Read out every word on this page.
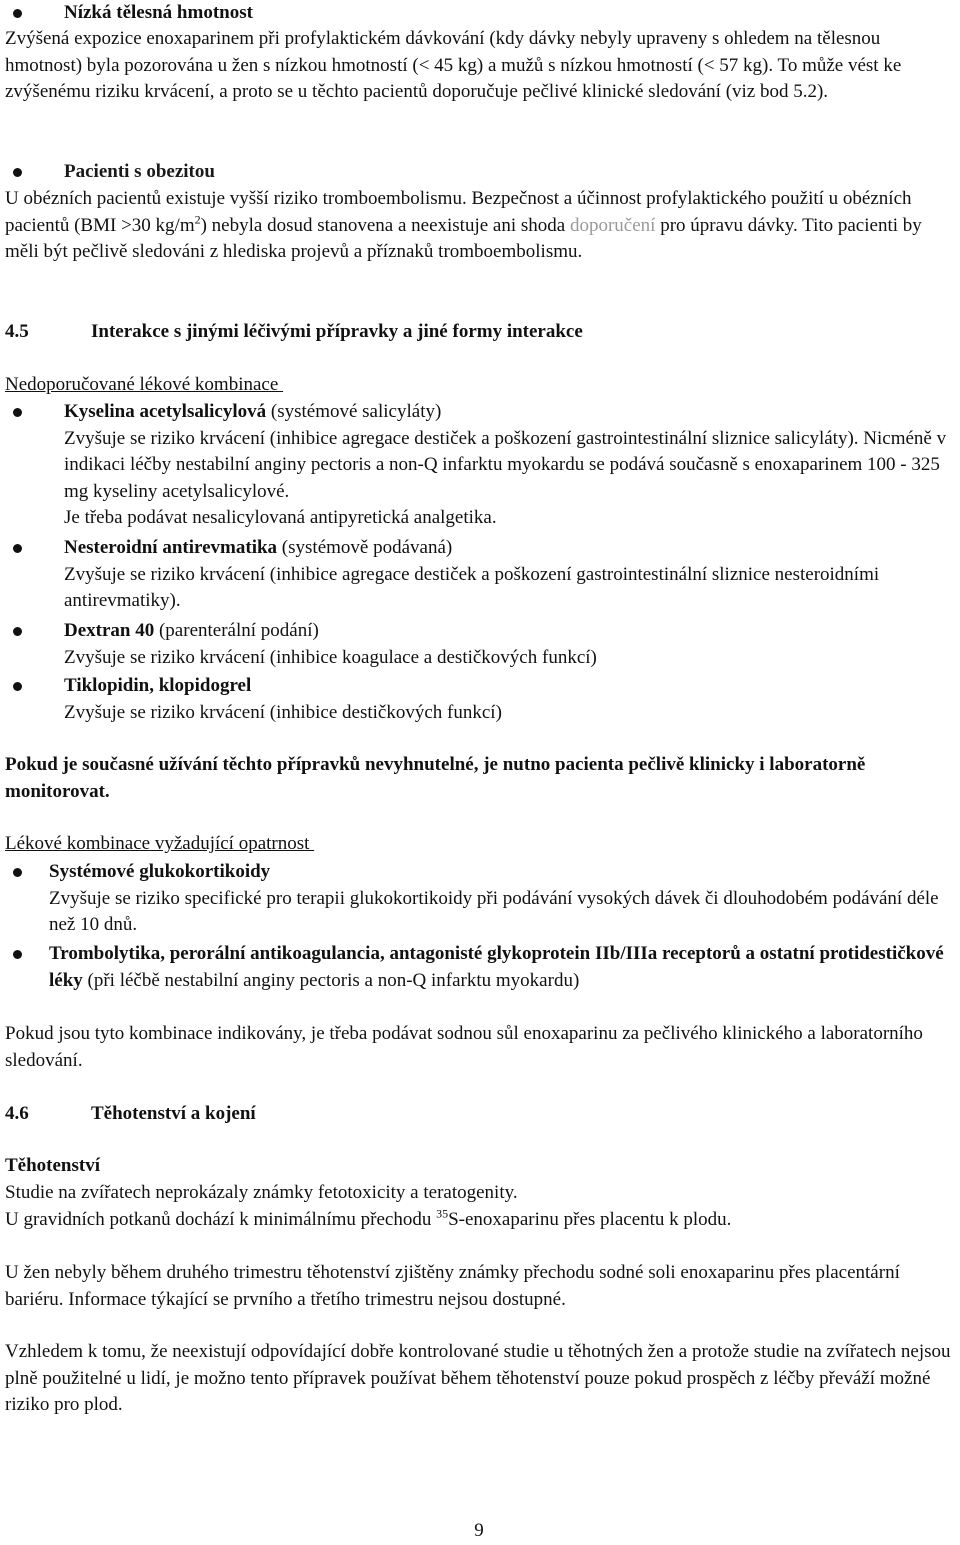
Nízká tělesná hmotnost

Zvýšená expozice enoxaparinem při profylaktickém dávkování (kdy dávky nebyly upraveny s ohledem na tělesnou hmotnost) byla pozorována u žen s nízkou hmotností (< 45 kg) a mužů s nízkou hmotností (< 57 kg). To může vést ke zvýšenému riziku krvácení, a proto se u těchto pacientů doporučuje pečlivé klinické sledování (viz bod 5.2).

Pacienti s obezitou

U obézních pacientů existuje vyšší riziko tromboembolismu. Bezpečnost a účinnost profylaktického použití u obézních pacientů (BMI >30 $kg/m^2$) nebyla dosud stanovena a neexistuje ani shoda doporučení pro úpravu dávky. Tito pacienti by měli být pečlivě sledováni z hlediska projevů a příznaků tromboembolismu.

4.5	Interakce s jinými léčivými přípravky a jiné formy interakce

Nedoporučované lékové kombinace

Kyselina acetylsalicylová (systémové salicyláty)

Zvyšuje se riziko krvácení (inhibice agregace destiček a poškození gastrointestinální sliznice salicyláty). Nicméně v indikaci léčby nestabilní anginy pectoris a non-Q infarktu myokardu se podává současně s enoxaparinem 100 - 325 mg kyseliny acetylsalicylové.

Je třeba podávat nesalicylovaná antipyretická analgetika.

Nesteroidní antirevmatika (systémově podávaná)

Zvyšuje se riziko krvácení (inhibice agregace destiček a poškození gastrointestinální sliznice nesteroidními antirevmatiky).

Dextran 40 (parenterální podání)

Zvyšuje se riziko krvácení (inhibice koagulace a destičkových funkcí)

Tiklopidin, klopidogrel

Zvyšuje se riziko krvácení (inhibice destičkových funkcí)

Pokud je současné užívání těchto přípravků nevyhnutelné, je nutno pacienta pečlivě klinicky i laboratorně monitorovat.

Lékové kombinace vyžadující opatrnost

Systémové glukokortikoidy

Zvyšuje se riziko specifické pro terapii glukokortikoidy při podávání vysokých dávek či dlouhodobém podávání déle než 10 dnů.

Trombolytika, perorální antikoagulancia, antagonisté glykoprotein IIb/IIIa receptorů a ostatní protidestičkové léky (při léčbě nestabilní anginy pectoris a non-Q infarktu myokardu)

Pokud jsou tyto kombinace indikovány, je třeba podávat sodnou sůl enoxaparinu za pečlivého klinického a laboratorního sledování.

4.6	Těhotenství a kojení

Těhotenství

Studie na zvířatech neprokázaly známky fetotoxicity a teratogenity.

U gravidních potkanů dochází k minimálnímu přechodu $^{35}$S-enoxaparinu přes placentu k plodu.

U žen nebyly během druhého trimestru těhotenství zjištěny známky přechodu sodné soli enoxaparinu přes placentární bariéru. Informace týkající se prvního a třetího trimestru nejsou dostupné.

Vzhledem k tomu, že neexistují odpovídající dobře kontrolované studie u těhotných žen a protože studie na zvířatech nejsou plně použitelné u lidí, je možno tento přípravek používat během těhotenství pouze pokud prospěch z léčby převáží možné riziko pro plod.

9
